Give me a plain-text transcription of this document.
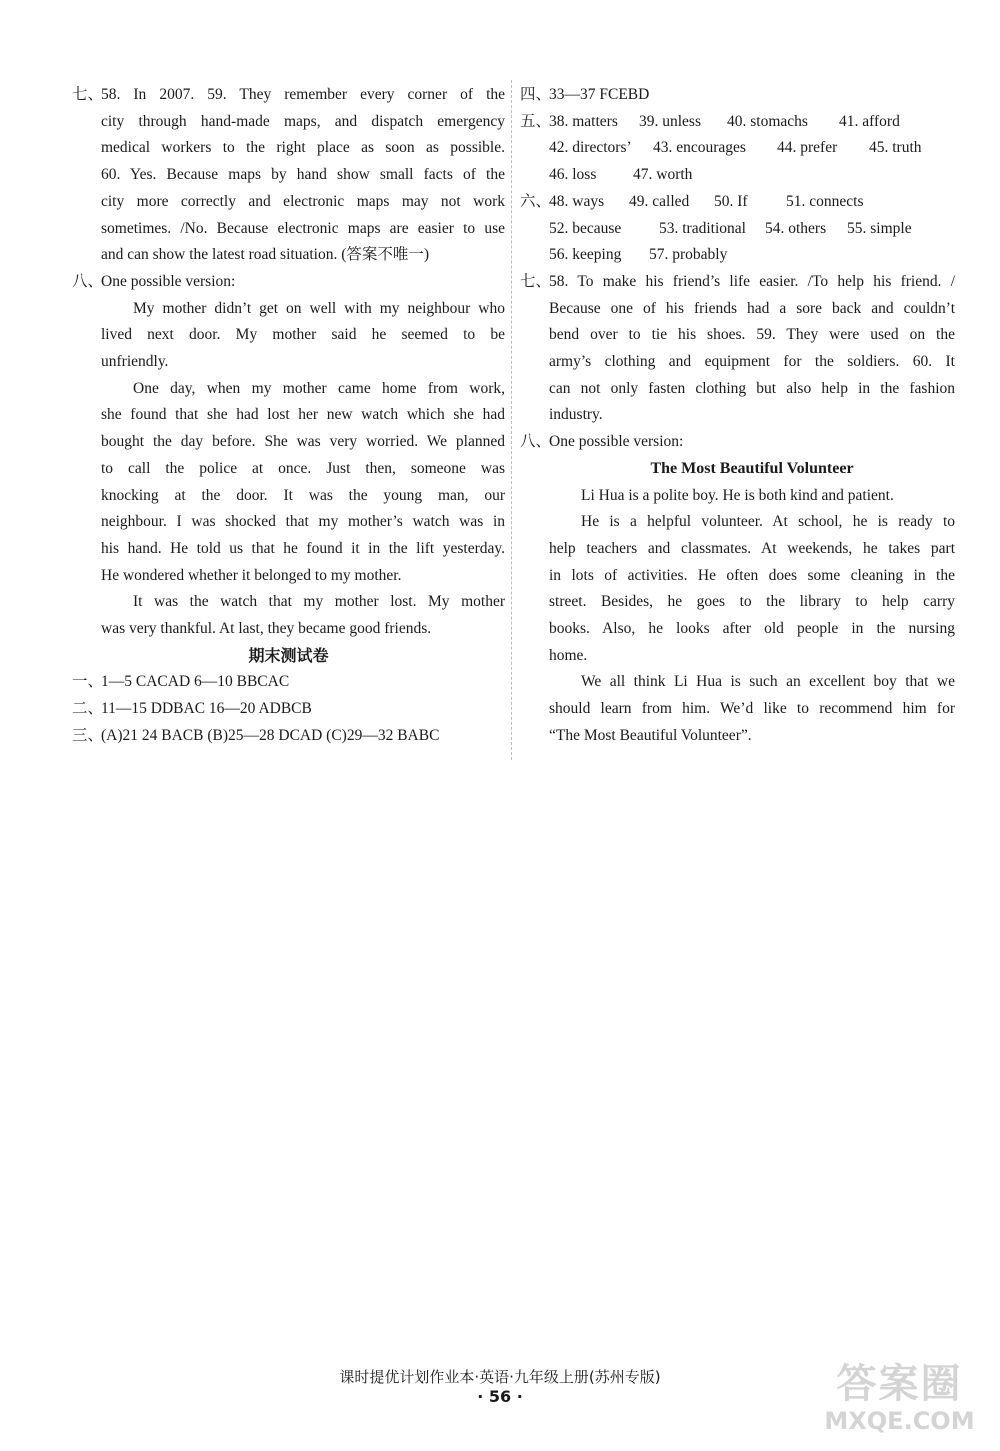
七、58. In 2007. 59. They remember every corner of the
city through hand-made maps, and dispatch emergency
medical workers to the right place as soon as possible.
60. Yes. Because maps by hand show small facts of the
city more correctly and electronic maps may not work
sometimes. /No. Because electronic maps are easier to use
and can show the latest road situation. (答案不唯一)
八、One possible version:
My mother didn’t get on well with my neighbour who
lived next door. My mother said he seemed to be
unfriendly.
One day, when my mother came home from work,
she found that she had lost her new watch which she had
bought the day before. She was very worried. We planned
to call the police at once. Just then, someone was
knocking at the door. It was the young man, our
neighbour. I was shocked that my mother’s watch was in
his hand. He told us that he found it in the lift yesterday.
He wondered whether it belonged to my mother.
It was the watch that my mother lost. My mother
was very thankful. At last, they became good friends.
期末测试卷
一、1—5 CACAD 6—10 BBCAC
二、11—15 DDBAC 16—20 ADBCB
三、(A)21 24 BACB (B)25—28 DCAD (C)29—32 BABC
四、33—37 FCEBD
五、38. matters 39. unless 40. stomachs 41. afford
42. directors’ 43. encourages 44. prefer 45. truth
46. loss 47. worth
六、48. ways 49. called 50. If 51. connects
52. because 53. traditional 54. others 55. simple
56. keeping 57. probably
七、58. To make his friend’s life easier. /To help his friend. /
Because one of his friends had a sore back and couldn’t
bend over to tie his shoes. 59. They were used on the
army’s clothing and equipment for the soldiers. 60. It
can not only fasten clothing but also help in the fashion
industry.
八、One possible version:
The Most Beautiful Volunteer
Li Hua is a polite boy. He is both kind and patient.
He is a helpful volunteer. At school, he is ready to
help teachers and classmates. At weekends, he takes part
in lots of activities. He often does some cleaning in the
street. Besides, he goes to the library to help carry
books. Also, he looks after old people in the nursing
home.
We all think Li Hua is such an excellent boy that we
should learn from him. We’d like to recommend him for
“The Most Beautiful Volunteer”.
课时提优计划作业本·英语·九年级上册(苏州专版)
· 56 ·	答案圈
MXQE.COM
